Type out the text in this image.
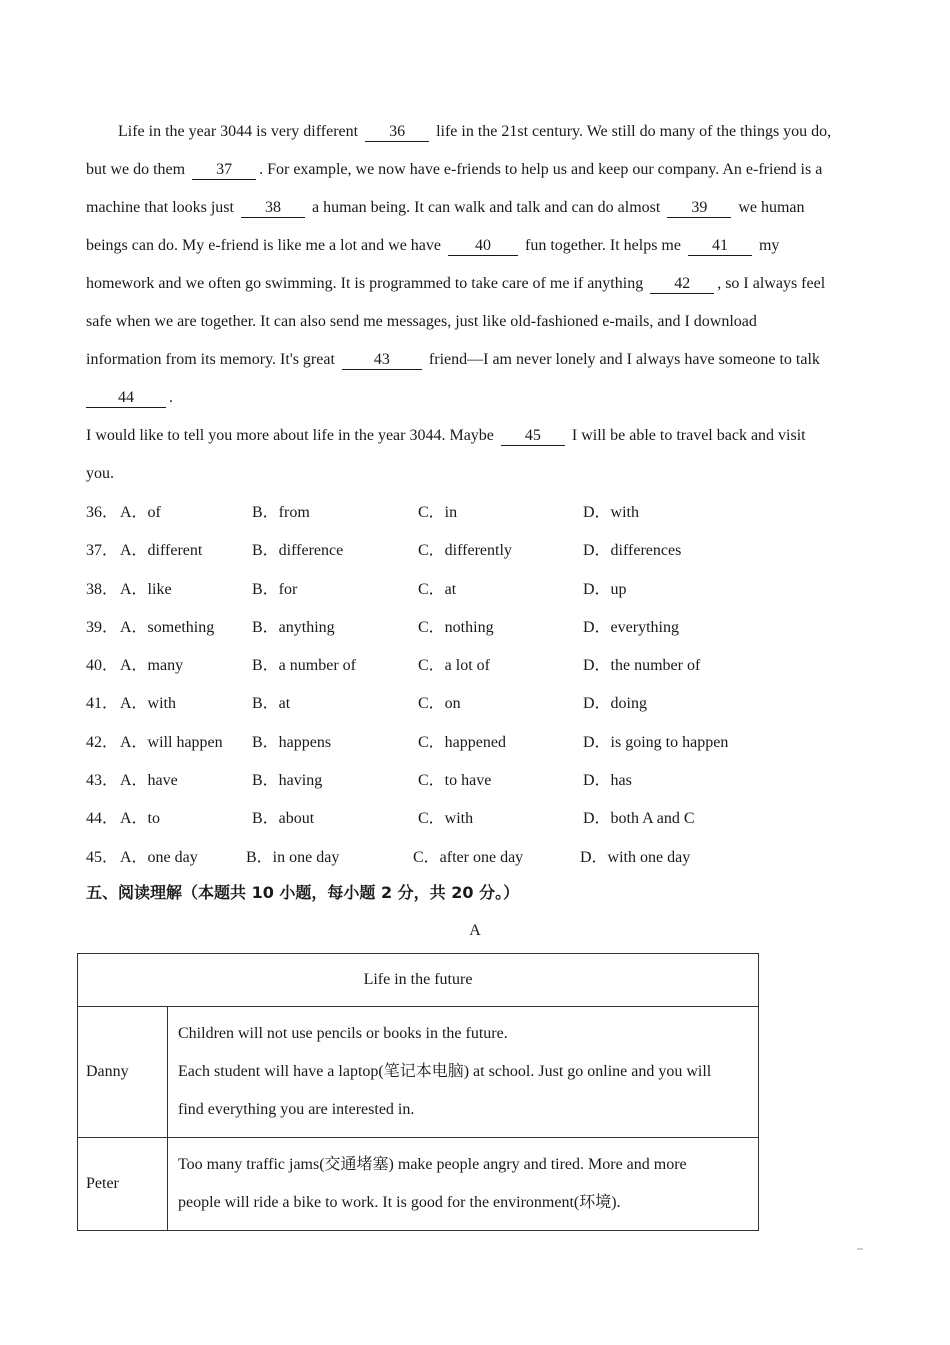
Life in the year 3044 is very different 36 life in the 21st century. We still do many of the things you do,
but we do them 37 . For example, we now have e-friends to help us and keep our company. An e-friend is a
machine that looks just 38 a human being. It can walk and talk and can do almost 39 we human
beings can do. My e-friend is like me a lot and we have 40 fun together. It helps me 41 my
homework and we often go swimming. It is programmed to take care of me if anything 42 , so I always feel
safe when we are together. It can also send me messages, just like old-fashioned e-mails, and I download
information from its memory. It's great 43 friend—I am never lonely and I always have someone to talk
44 .
I would like to tell you more about life in the year 3044. Maybe 45 I will be able to travel back and visit
you.
36． A．of	B．from	C．in	D．with
37． A．different	B．difference	C．differently	D．differences
38． A．like	B．for	C．at	D．up
39． A．something B．anything	C．nothing	D．everything
40． A．many	B．a number of	C．a lot of	D．the number of
41． A．with	B．at	C．on	D．doing
42． A．will happen B．happens	C．happened	D．is going to happen
43． A．have	B．having	C．to have	D．has
44． A．to	B．about	C．with	D．both A and C
45． A．one day	B．in one day	C．after one day	D．with one day
五、阅读理解（本题共 10 小题，每小题 2 分，共 20 分。）
A
Life in the future	
Danny	Children will not use pencils or books in the future.
Each student will have a laptop(笔记本电脑) at school. Just go online and you will
find everything you are interested in.

Peter	Too many traffic jams(交通堵塞) make people angry and tired. More and more
people will ride a bike to work. It is good for the environment(环境).
